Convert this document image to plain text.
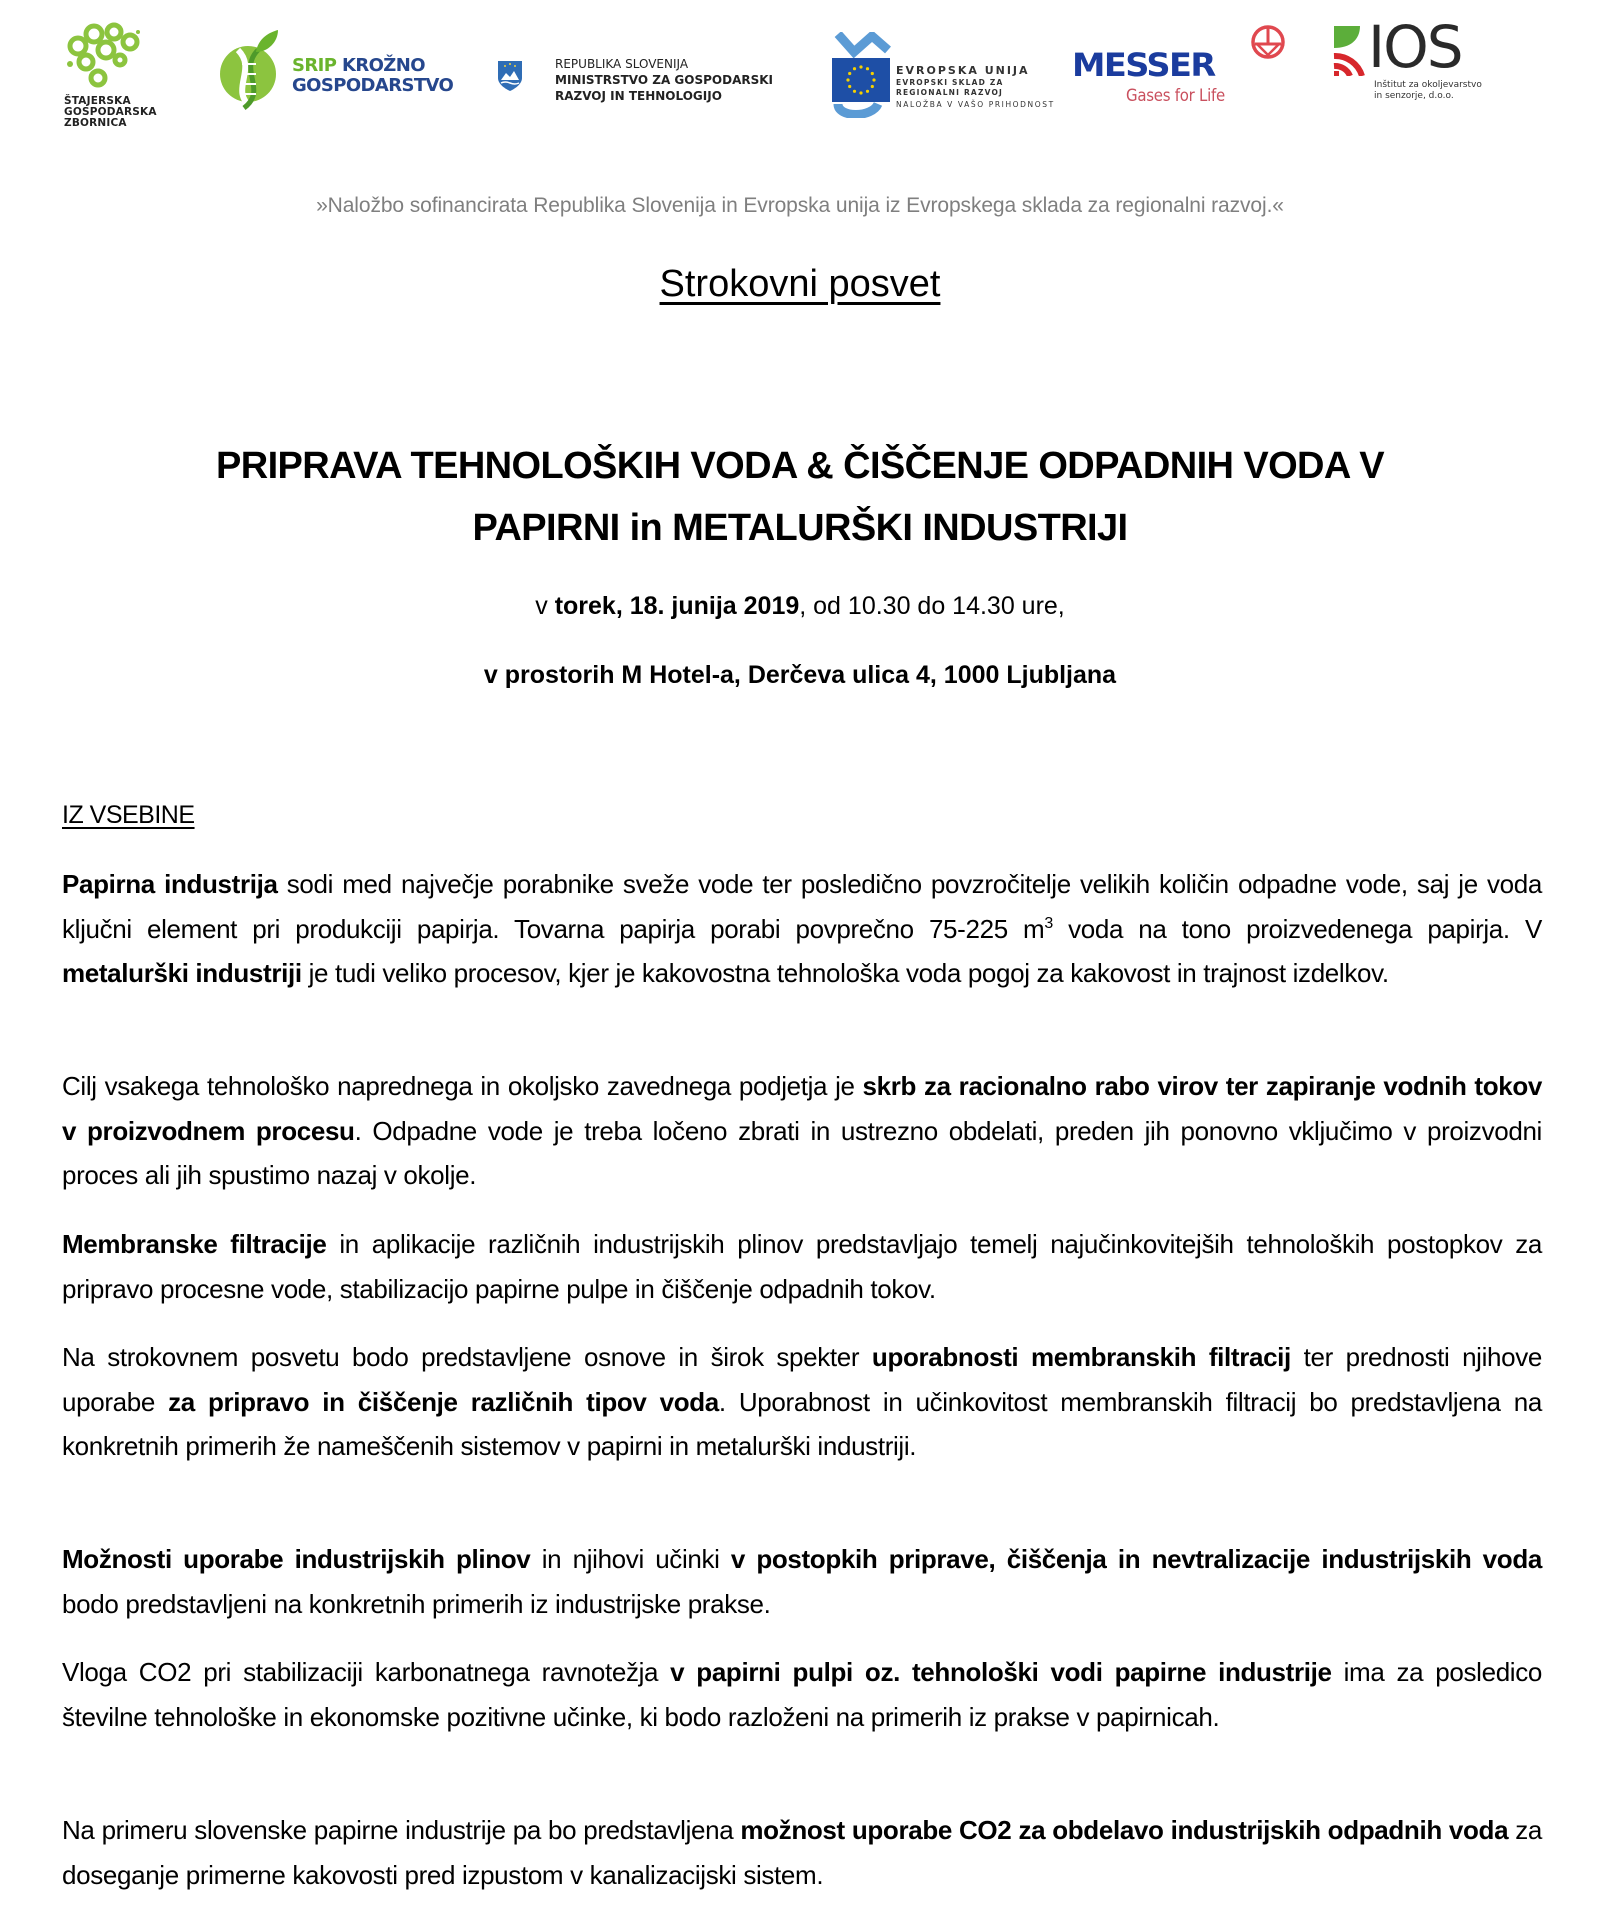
ŠTAJERSKA
GOSPODARSKA
ZBORNICA
SRIP KROŽNO
GOSPODARSTVO
REPUBLIKA SLOVENIJA
MINISTRSTVO ZA GOSPODARSKI
RAZVOJ IN TEHNOLOGIJO
EVROPSKA UNIJA
EVROPSKI SKLAD ZA
REGIONALNI RAZVOJ
NALOŽBA V VAŠO PRIHODNOST
MESSER
Gases for Life
IOS
Inštitut za okoljevarstvo
in senzorje, d.o.o.
»Naložbo sofinancirata Republika Slovenija in Evropska unija iz Evropskega sklada za regionalni razvoj.«
Strokovni posvet
PRIPRAVA TEHNOLOŠKIH VODA & ČIŠČENJE ODPADNIH VODA V
PAPIRNI in METALURŠKI INDUSTRIJI
v torek, 18. junija 2019, od 10.30 do 14.30 ure,
v prostorih M Hotel-a, Derčeva ulica 4, 1000 Ljubljana
IZ VSEBINE
Papirna industrija sodi med največje porabnike sveže vode ter posledično povzročitelje velikih količin odpadne vode, saj je voda ključni element pri produkciji papirja. Tovarna papirja porabi povprečno 75-225 $m^3$ voda na tono proizvedenega papirja. V metalurški industriji je tudi veliko procesov, kjer je kakovostna tehnološka voda pogoj za kakovost in trajnost izdelkov.
Cilj vsakega tehnološko naprednega in okoljsko zavednega podjetja je skrb za racionalno rabo virov ter zapiranje vodnih tokov v proizvodnem procesu. Odpadne vode je treba ločeno zbrati in ustrezno obdelati, preden jih ponovno vključimo v proizvodni proces ali jih spustimo nazaj v okolje.
Membranske filtracije in aplikacije različnih industrijskih plinov predstavljajo temelj najučinkovitejših tehnoloških postopkov za pripravo procesne vode, stabilizacijo papirne pulpe in čiščenje odpadnih tokov.
Na strokovnem posvetu bodo predstavljene osnove in širok spekter uporabnosti membranskih filtracij ter prednosti njihove uporabe za pripravo in čiščenje različnih tipov voda. Uporabnost in učinkovitost membranskih filtracij bo predstavljena na konkretnih primerih že nameščenih sistemov v papirni in metalurški industriji.
Možnosti uporabe industrijskih plinov in njihovi učinki v postopkih priprave, čiščenja in nevtralizacije industrijskih voda bodo predstavljeni na konkretnih primerih iz industrijske prakse.
Vloga CO2 pri stabilizaciji karbonatnega ravnotežja v papirni pulpi oz. tehnološki vodi papirne industrije ima za posledico številne tehnološke in ekonomske pozitivne učinke, ki bodo razloženi na primerih iz prakse v papirnicah.
Na primeru slovenske papirne industrije pa bo predstavljena možnost uporabe CO2 za obdelavo industrijskih odpadnih voda za doseganje primerne kakovosti pred izpustom v kanalizacijski sistem.
